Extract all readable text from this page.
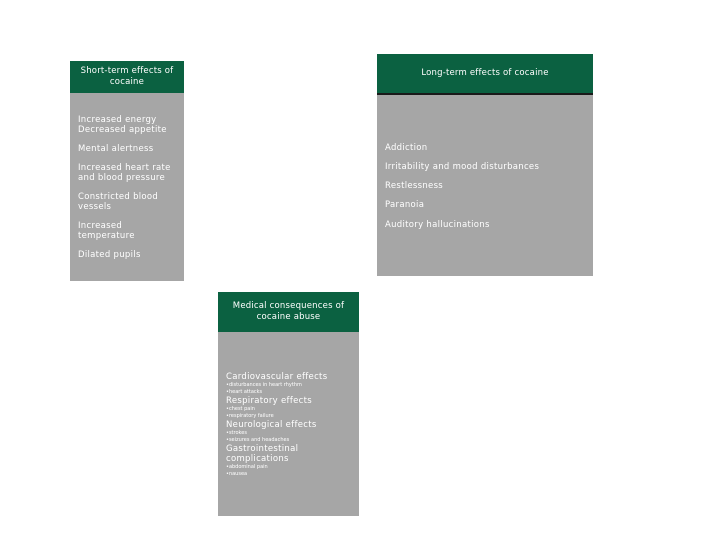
Short-term effects of cocaine
Increased energy
Decreased appetite
Mental alertness
Increased heart rate
and blood pressure
Constricted blood
vessels
Increased
temperature
Dilated pupils
Long-term effects of cocaine
Addiction
Irritability and mood disturbances
Restlessness
Paranoia
Auditory hallucinations
Medical consequences of cocaine abuse
Cardiovascular effects
•disturbances in heart rhythm
•heart attacks
Respiratory effects
•chest pain
•respiratory failure
Neurological effects
•strokes
•seizures and headaches
Gastrointestinal complications
•abdominal pain
•nausea
